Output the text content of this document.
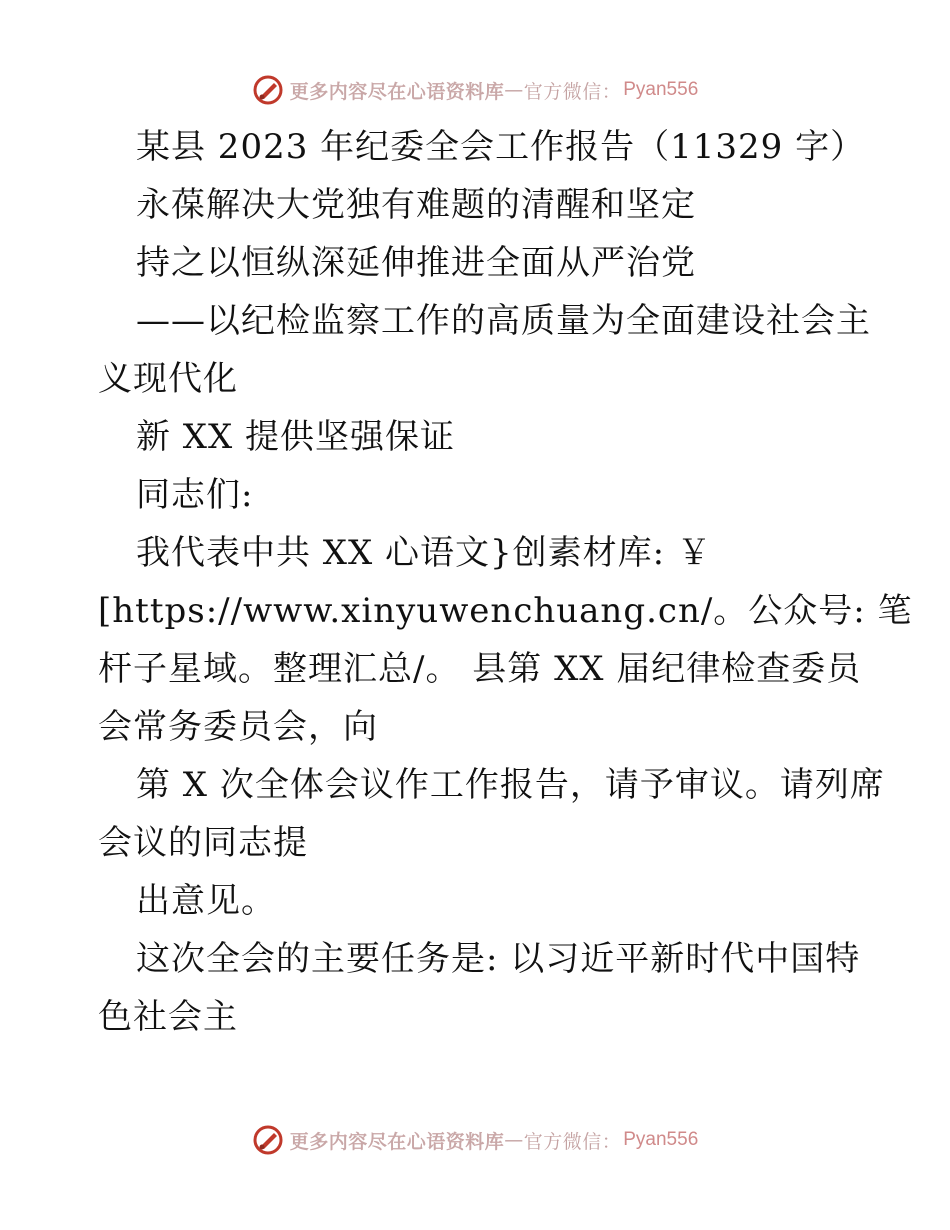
更多内容尽在心语资料库 — 官方微信： Pyan556
某县 2023 年纪委全会工作报告（11329 字）
永葆解决大党独有难题的清醒和坚定
持之以恒纵深延伸推进全面从严治党
——以纪检监察工作的高质量为全面建设社会主
义现代化
新 XX 提供坚强保证
同志们:
我代表中共 XX 心语文}创素材库: ￥
[https://www.xinyuwenchuang.cn/。公众号: 笔
杆子星域。整理汇总/。 县第 XX 届纪律检查委员
会常务委员会，向
第 X 次全体会议作工作报告，请予审议。请列席
会议的同志提
出意见。
这次全会的主要任务是: 以习近平新时代中国特
色社会主
更多内容尽在心语资料库 — 官方微信： Pyan556
